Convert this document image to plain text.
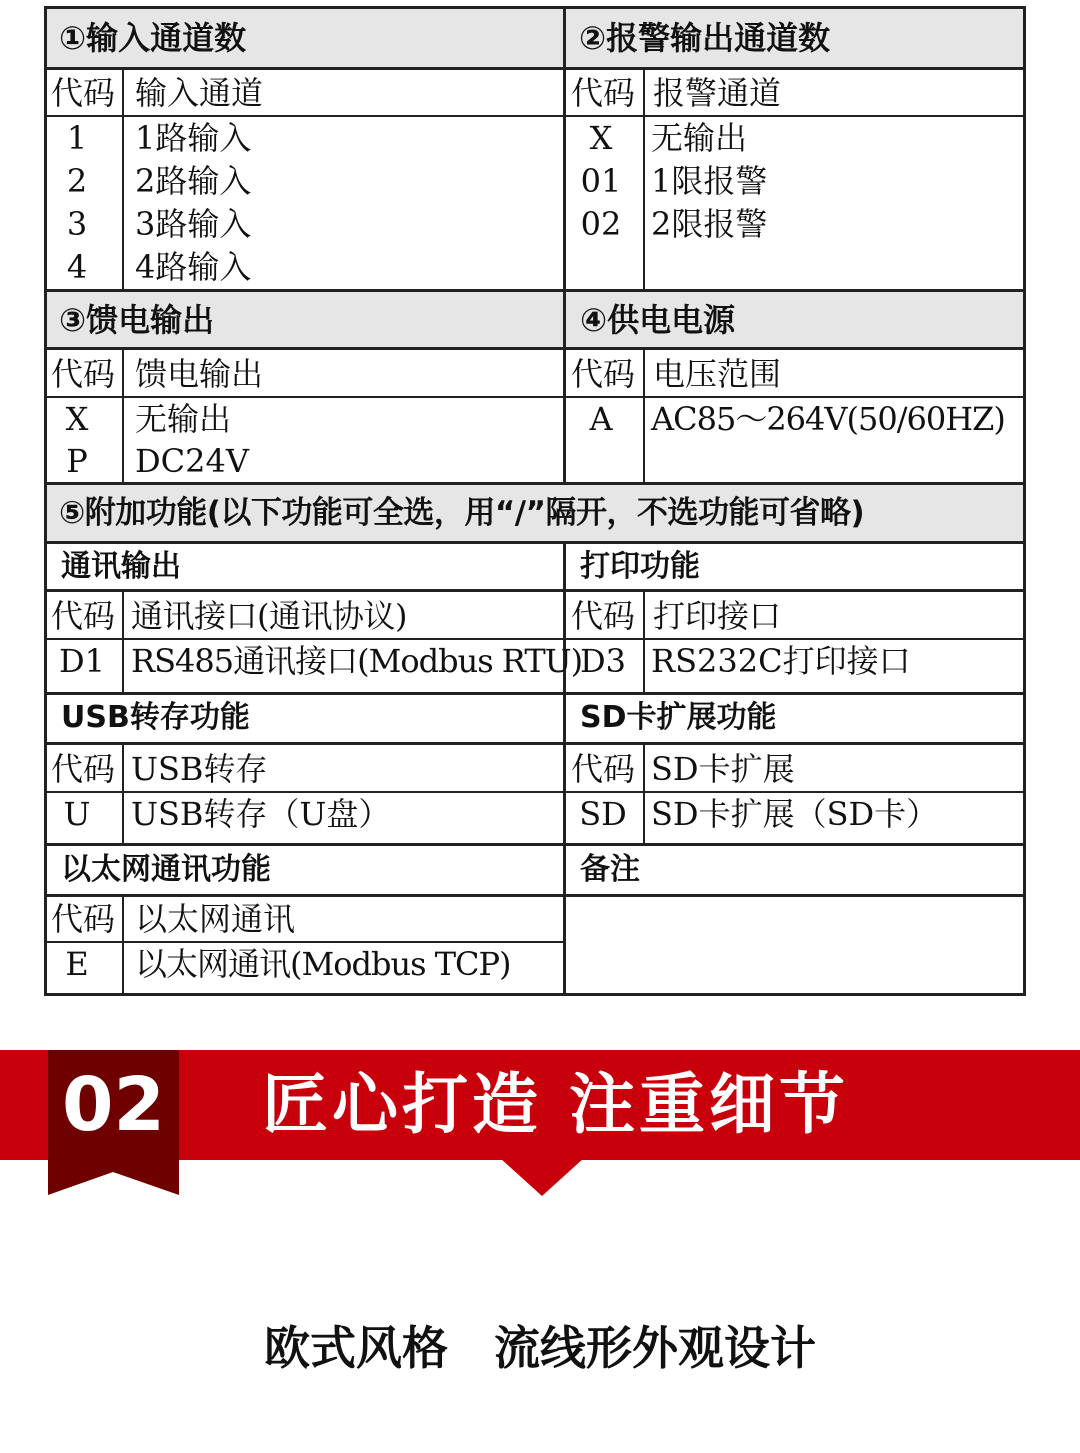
①输入通道数	②报警输出通道数
代码 输入通道
1	1路输入
2	2路输入
3	3路输入
4	4路输入
代码 报警通道
X	无输出
01 1限报警
02 2限报警
③馈电输出	④供电电源
代码 馈电输出
X	无输出
P	DC24V
代码 电压范围
A	AC85～264V(50/60HZ)
⑤附加功能(以下功能可全选，用“/”隔开，不选功能可省略)
通讯输出	打印功能
代码 通讯接口(通讯协议)
D1 RS485通讯接口(Modbus RTU)
代码 打印接口
D3 RS232C打印接口
USB转存功能	SD卡扩展功能
代码 USB转存
U	USB转存（U盘）
代码 SD卡扩展
SD SD卡扩展（SD卡）
以太网通讯功能	备注
代码 以太网通讯
E	以太网通讯(Modbus TCP)
02 匠心打造 注重细节
欧式风格　流线形外观设计
